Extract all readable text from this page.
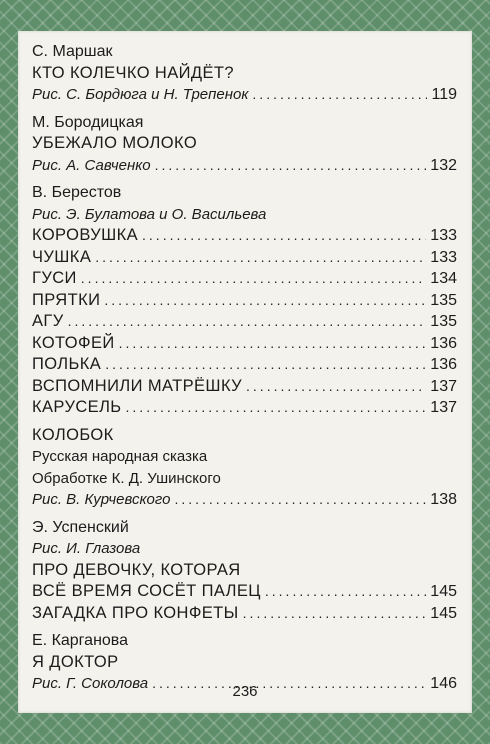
С. Маршак
КТО КОЛЕЧКО НАЙДЁТ?
Рис. С. Бордюга и Н. Трепенок .....	119
М. Бородицкая
УБЕЖАЛО МОЛОКО
Рис. А. Савченко .....	132
В. Берестов
Рис. Э. Булатова и О. Васильева
КОРОВУШКА .....	133
ЧУШКА .....	133
ГУСИ .....	134
ПРЯТКИ .....	135
АГУ .....	135
КОТОФЕЙ .....	136
ПОЛЬКА .....	136
ВСПОМНИЛИ МАТРЁШКУ .....	137
КАРУСЕЛЬ .....	137
КОЛОБОК
Русская народная сказка
Обработке К. Д. Ушинского
Рис. В. Курчевского .....	138
Э. Успенский
Рис. И. Глазова
ПРО ДЕВОЧКУ, КОТОРАЯ
ВСЁ ВРЕМЯ СОСЁТ ПАЛЕЦ .....	145
ЗАГАДКА ПРО КОНФЕТЫ .....	145
Е. Карганова
Я ДОКТОР
Рис. Г. Соколова .....	146
236
